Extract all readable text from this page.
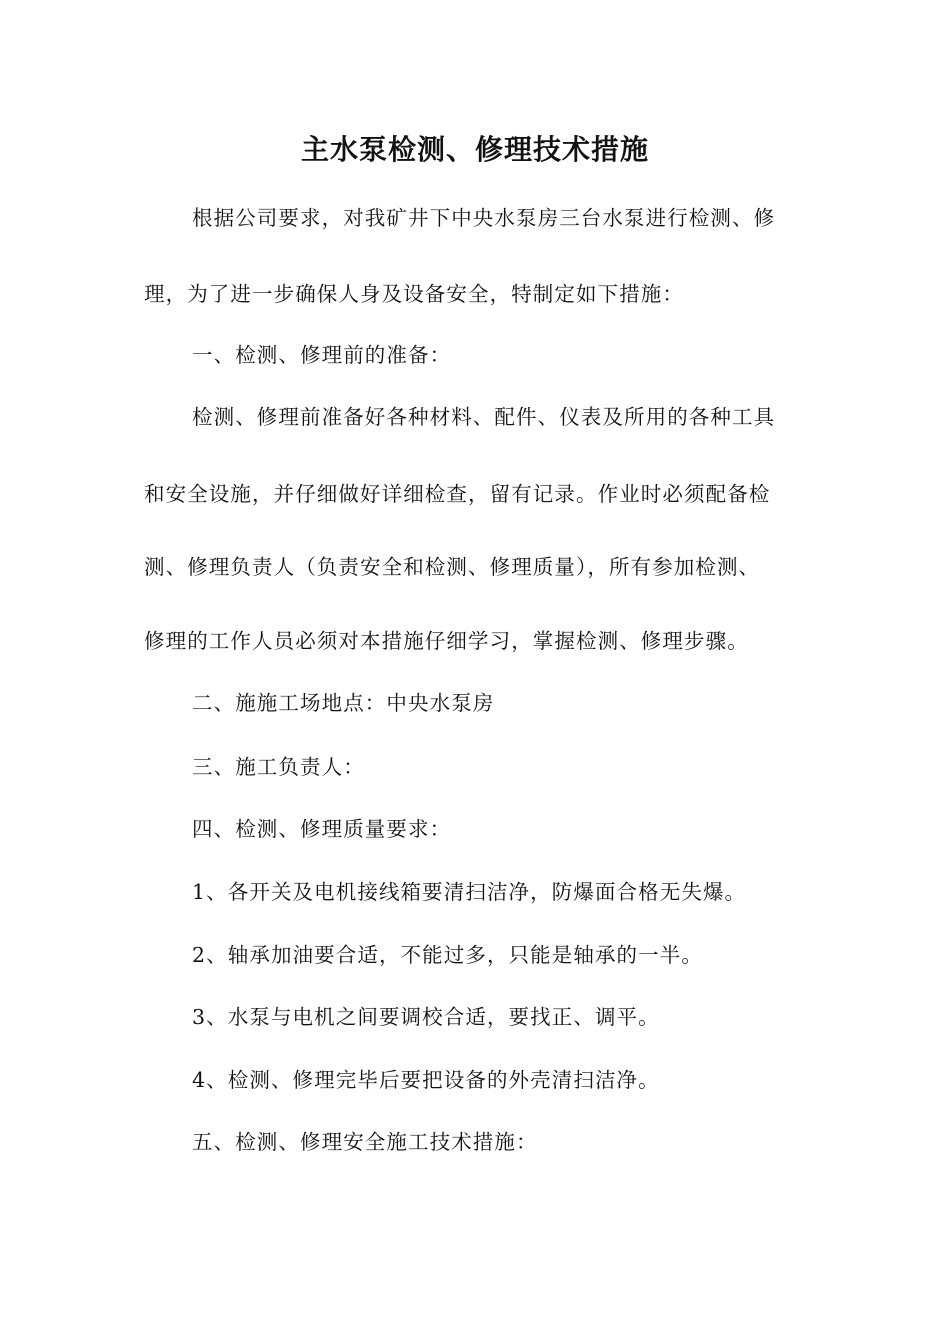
主水泵检测、修理技术措施
根据公司要求，对我矿井下中央水泵房三台水泵进行检测、修
理，为了进一步确保人身及设备安全，特制定如下措施：
一、检测、修理前的准备：
检测、修理前准备好各种材料、配件、仪表及所用的各种工具
和安全设施，并仔细做好详细检查，留有记录。作业时必须配备检
测、修理负责人（负责安全和检测、修理质量），所有参加检测、
修理的工作人员必须对本措施仔细学习，掌握检测、修理步骤。
二、施施工场地点：中央水泵房
三、施工负责人：
四、检测、修理质量要求：
1、各开关及电机接线箱要清扫洁净，防爆面合格无失爆。
2、轴承加油要合适，不能过多，只能是轴承的一半。
3、水泵与电机之间要调校合适，要找正、调平。
4、检测、修理完毕后要把设备的外壳清扫洁净。
五、检测、修理安全施工技术措施：
